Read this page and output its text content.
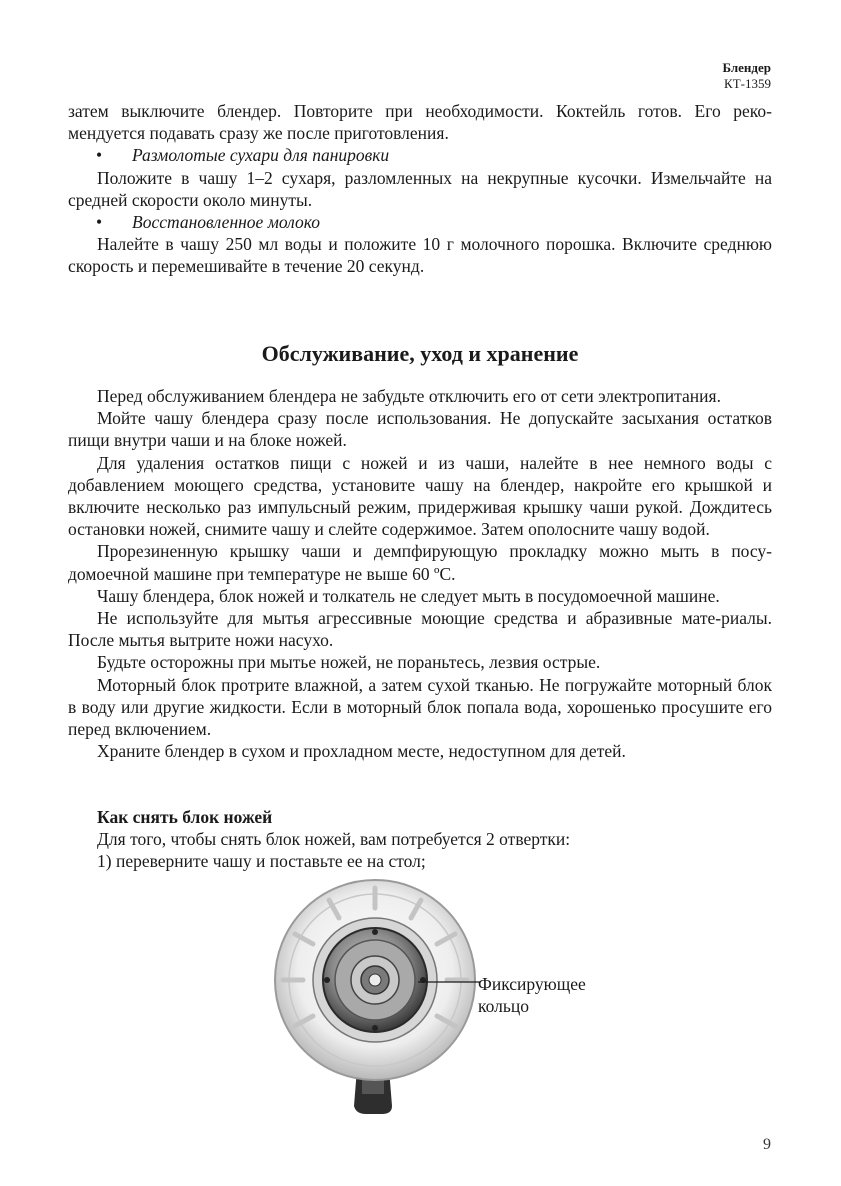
Блендер
КТ-1359

затем выключите блендер. Повторите при необходимости. Коктейль готов. Его реко-мендуется подавать сразу же после приготовления.

•	Размолотые сухари для панировки

Положите в чашу 1–2 сухаря, разломленных на некрупные кусочки. Измельчайте на средней скорости около минуты.

•	Восстановленное молоко

Налейте в чашу 250 мл воды и положите 10 г молочного порошка. Включите среднюю скорость и перемешивайте в течение 20 секунд.

Обслуживание, уход и хранение

Перед обслуживанием блендера не забудьте отключить его от сети электропитания.

Мойте чашу блендера сразу после использования. Не допускайте засыхания остатков пищи внутри чаши и на блоке ножей.

Для удаления остатков пищи с ножей и из чаши, налейте в нее немного воды с добавлением моющего средства, установите чашу на блендер, накройте его крышкой и включите несколько раз импульсный режим, придерживая крышку чаши рукой. Дождитесь остановки ножей, снимите чашу и слейте содержимое. Затем ополосните чашу водой.

Прорезиненную крышку чаши и демпфирующую прокладку можно мыть в посу-домоечной машине при температуре не выше 60 ºС.

Чашу блендера, блок ножей и толкатель не следует мыть в посудомоечной машине.

Не используйте для мытья агрессивные моющие средства и абразивные мате-риалы. После мытья вытрите ножи насухо.

Будьте осторожны при мытье ножей, не пораньтесь, лезвия острые.

Моторный блок протрите влажной, а затем сухой тканью. Не погружайте моторный блок в воду или другие жидкости. Если в моторный блок попала вода, хорошенько просушите его перед включением.

Храните блендер в сухом и прохладном месте, недоступном для детей.

Как снять блок ножей

Для того, чтобы снять блок ножей, вам потребуется 2 отвертки:

1) переверните чашу и поставьте ее на стол;

Фиксирующее
кольцо
9
